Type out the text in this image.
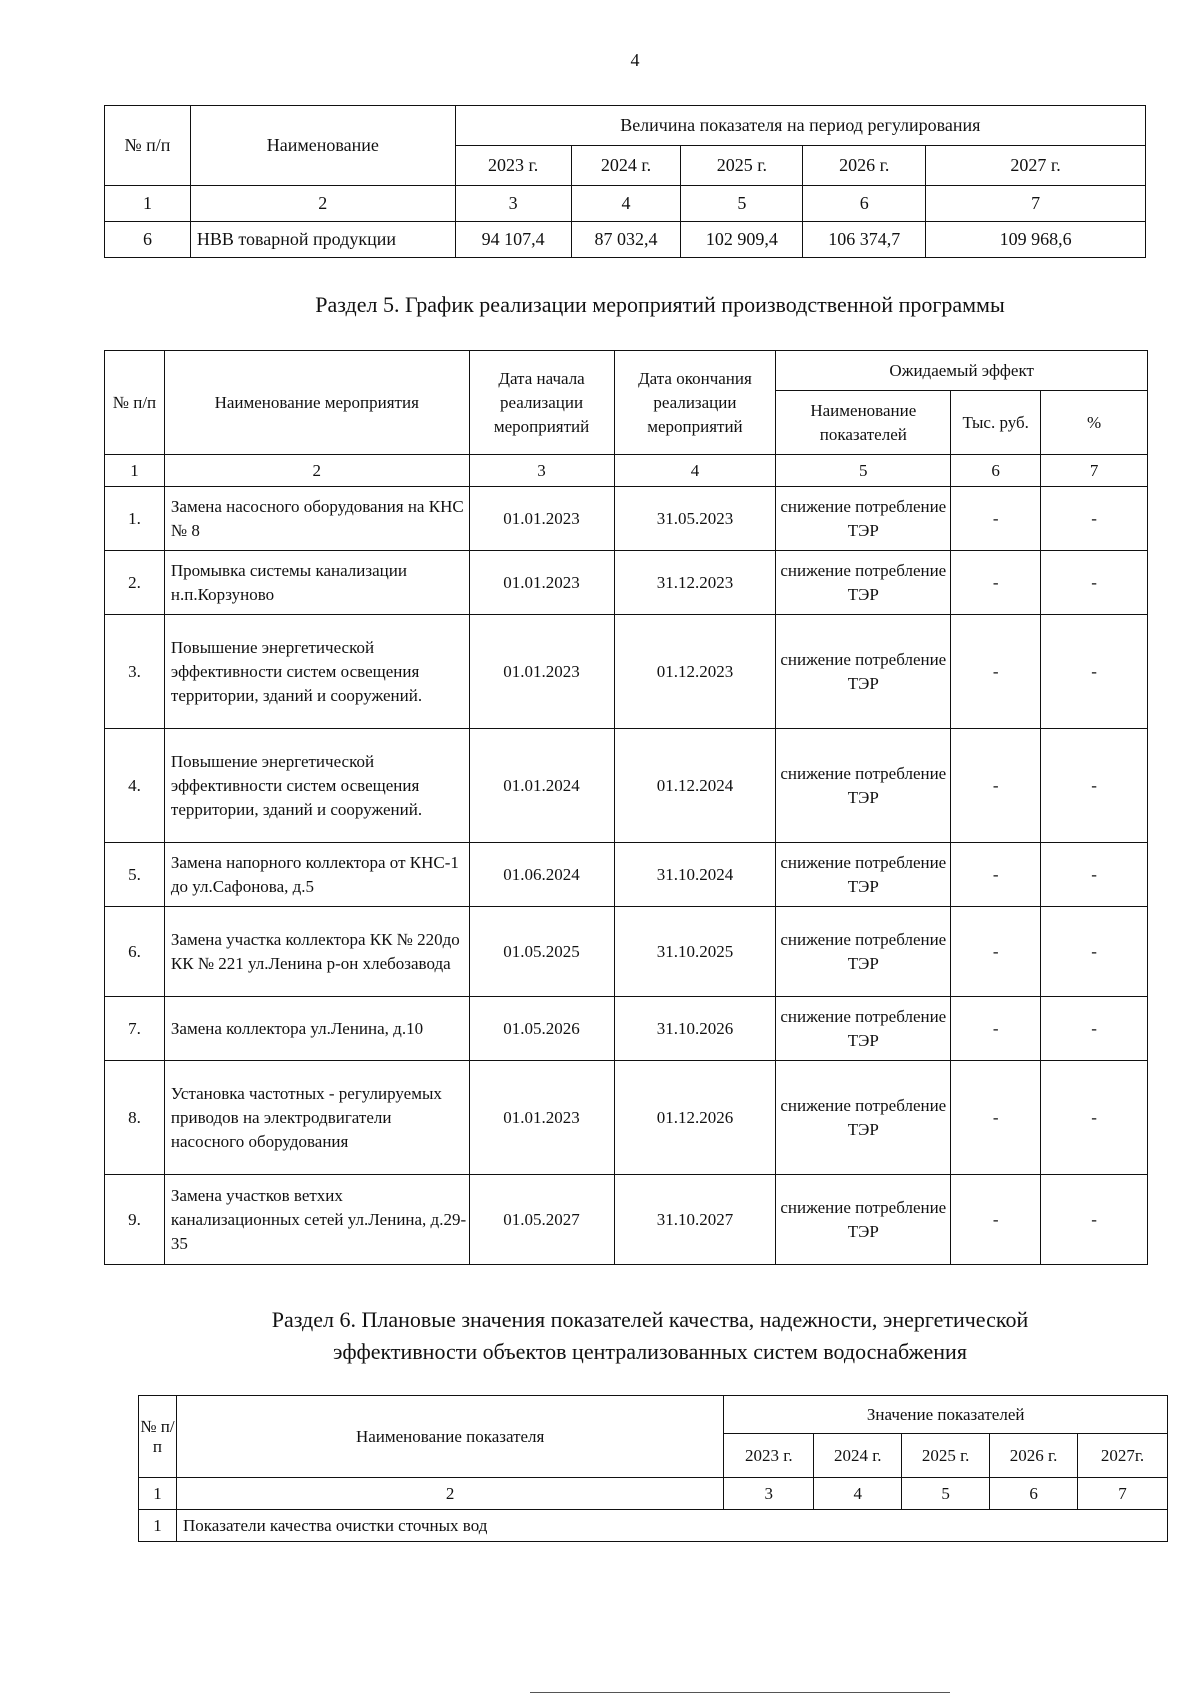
4
№ п/п	Наименование	Величина показателя на период регулирования				
		2023 г.	2024 г.	2025 г.	2026 г.	2027 г.
1	2	3	4	5	6	7
6	НВВ товарной продукции	94 107,4	87 032,4	102 909,4	106 374,7	109 968,6
Раздел 5. График реализации мероприятий производственной программы
№ п/п	Наименование мероприятия	Дата начала реализации мероприятий	Дата окончания реализации мероприятий	Ожидаемый эффект		
				Наименование показателей	Тыс. руб.	%
1	2	3	4	5	6	7
1.	Замена насосного оборудования на КНС № 8	01.01.2023	31.05.2023	снижение потребление ТЭР	-	-
2.	Промывка системы канализации н.п.Корзуново	01.01.2023	31.12.2023	снижение потребление ТЭР	-	-
3.	Повышение энергетической эффективности систем освещения территории, зданий и сооружений.	01.01.2023	01.12.2023	снижение потребление ТЭР	-	-
4.	Повышение энергетической эффективности систем освещения территории, зданий и сооружений.	01.01.2024	01.12.2024	снижение потребление ТЭР	-	-
5.	Замена напорного коллектора от КНС-1 до ул.Сафонова, д.5	01.06.2024	31.10.2024	снижение потребление ТЭР	-	-
6.	Замена участка коллектора КК № 220до КК № 221 ул.Ленина р-он хлебозавода	01.05.2025	31.10.2025	снижение потребление ТЭР	-	-
7.	Замена коллектора ул.Ленина, д.10	01.05.2026	31.10.2026	снижение потребление ТЭР	-	-
8.	Установка частотных - регулируемых приводов на электродвигатели насосного оборудования	01.01.2023	01.12.2026	снижение потребление ТЭР	-	-
9.	Замена участков ветхих канализационных сетей ул.Ленина, д.29-35	01.05.2027	31.10.2027	снижение потребление ТЭР	-	-
Раздел 6. Плановые значения показателей качества, надежности, энергетической
эффективности объектов централизованных систем водоснабжения
№ п/ п	Наименование показателя	Значение показателей				
		2023 г.	2024 г.	2025 г.	2026 г.	2027г.
1	2	3	4	5	6	7
1	Показатели качества очистки сточных вод					
